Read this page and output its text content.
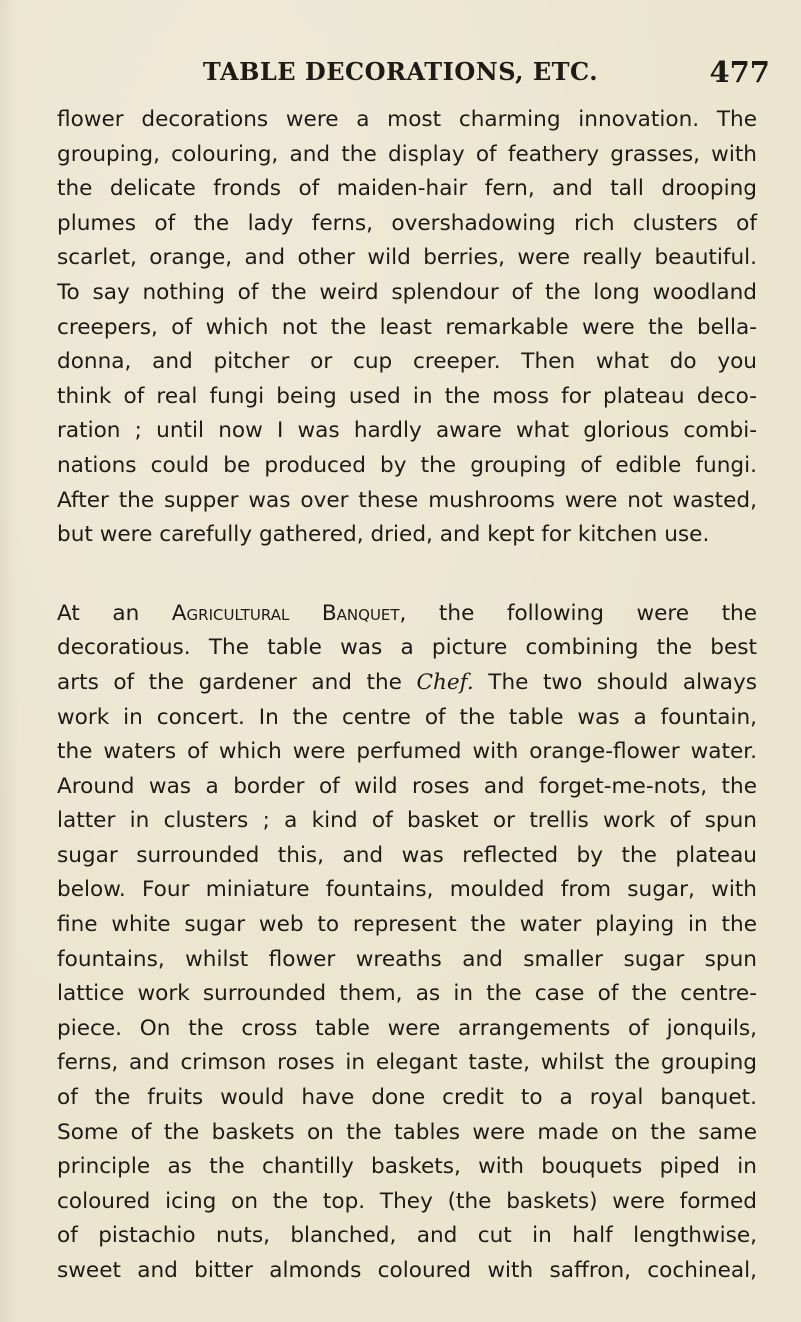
TABLE DECORATIONS, ETC.	477
flower decorations were a most charming innovation. The
grouping, colouring, and the display of feathery grasses, with
the delicate fronds of maiden-hair fern, and tall drooping
plumes of the lady ferns, overshadowing rich clusters of
scarlet, orange, and other wild berries, were really beautiful.
To say nothing of the weird splendour of the long woodland
creepers, of which not the least remarkable were the bella-
donna, and pitcher or cup creeper. Then what do you
think of real fungi being used in the moss for plateau deco-
ration ; until now I was hardly aware what glorious combi-
nations could be produced by the grouping of edible fungi.
After the supper was over these mushrooms were not wasted,
but were carefully gathered, dried, and kept for kitchen use.
At an Agricultural Banquet, the following were the
decoratious. The table was a picture combining the best
arts of the gardener and the Chef. The two should always
work in concert. In the centre of the table was a fountain,
the waters of which were perfumed with orange-flower water.
Around was a border of wild roses and forget-me-nots, the
latter in clusters ; a kind of basket or trellis work of spun
sugar surrounded this, and was reflected by the plateau
below. Four miniature fountains, moulded from sugar, with
fine white sugar web to represent the water playing in the
fountains, whilst flower wreaths and smaller sugar spun
lattice work surrounded them, as in the case of the centre-
piece. On the cross table were arrangements of jonquils,
ferns, and crimson roses in elegant taste, whilst the grouping
of the fruits would have done credit to a royal banquet.
Some of the baskets on the tables were made on the same
principle as the chantilly baskets, with bouquets piped in
coloured icing on the top. They (the baskets) were formed
of pistachio nuts, blanched, and cut in half lengthwise,
sweet and bitter almonds coloured with saffron, cochineal,
